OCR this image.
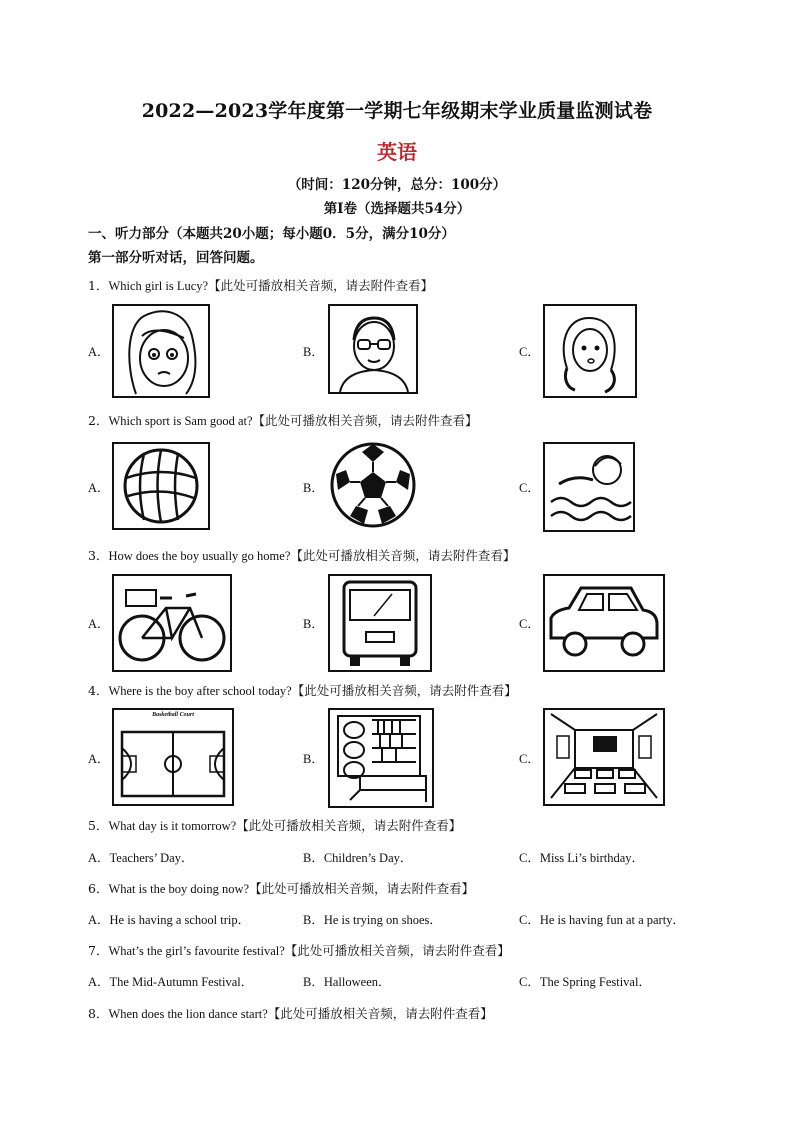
2022—2023学年度第一学期七年级期末学业质量监测试卷
英语
（时间：120分钟，总分：100分）
第Ⅰ卷（选择题共54分）
一、听力部分（本题共20小题；每小题0．5分，满分10分）
第一部分听对话，回答问题。
1．Which girl is Lucy?【此处可播放相关音频，请去附件查看】
A．	B．	C．
2．Which sport is Sam good at?【此处可播放相关音频，请去附件查看】
A．	B．	C．
3．How does the boy usually go home?【此处可播放相关音频，请去附件查看】
A．	B．	C．
4．Where is the boy after school today?【此处可播放相关音频，请去附件查看】
A．
Basketball Court
B．	C．
5．What day is it tomorrow?【此处可播放相关音频，请去附件查看】
A．Teachers’ Day．	B．Children’s Day．	C．Miss Li’s birthday．
6．What is the boy doing now?【此处可播放相关音频，请去附件查看】
A．He is having a school trip．	B．He is trying on shoes．	C．He is having fun at a party．
7．What’s the girl’s favourite festival?【此处可播放相关音频，请去附件查看】
A．The Mid-Autumn Festival．	B．Halloween．	C．The Spring Festival．
8．When does the lion dance start?【此处可播放相关音频，请去附件查看】
